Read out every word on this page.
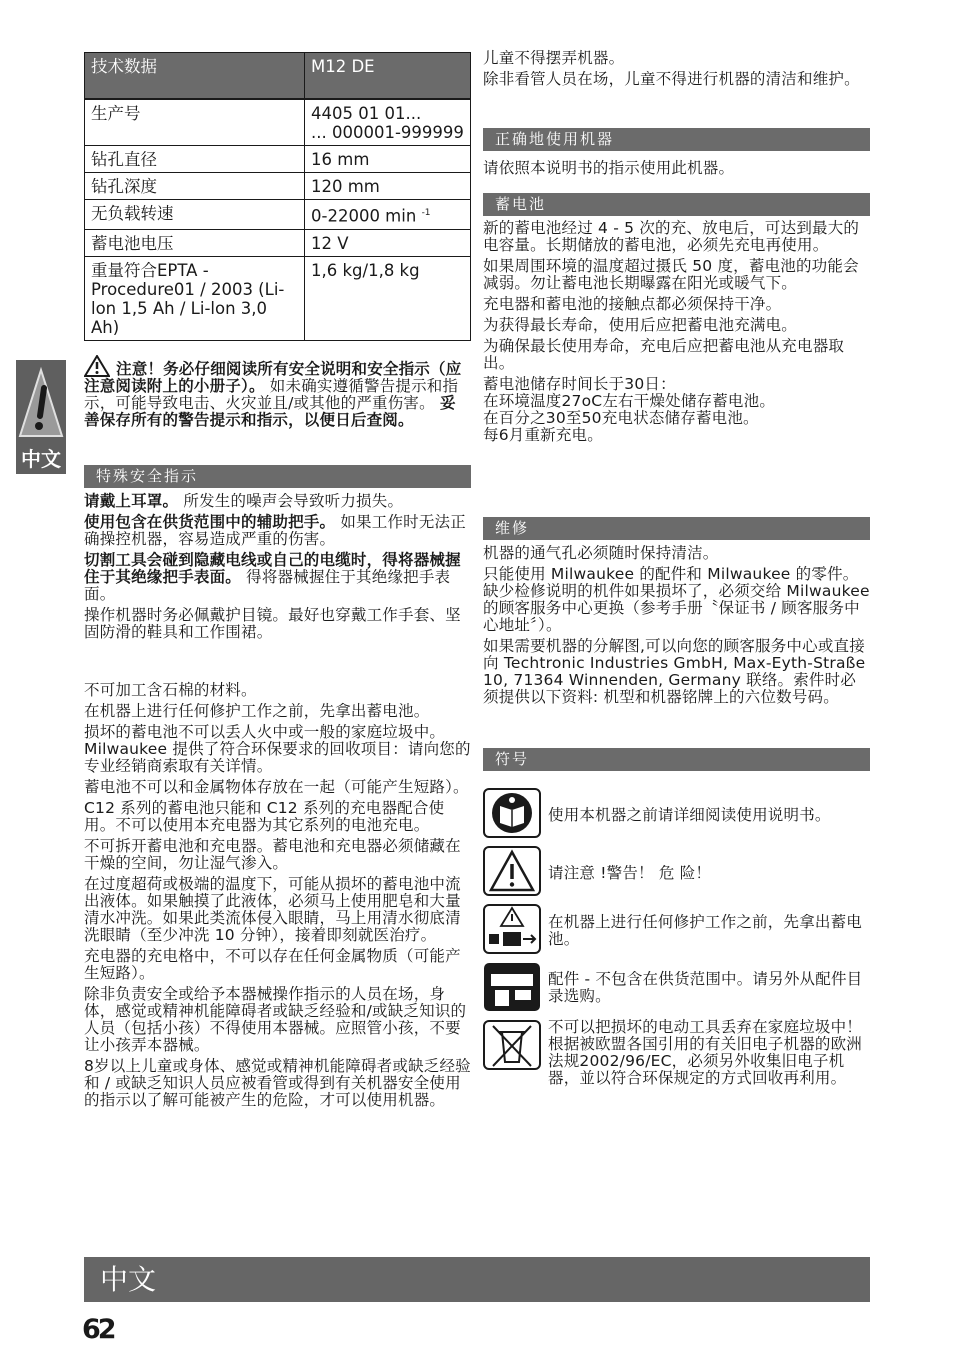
技术数据	M12 DE
生产号	4405 01 01...
... 000001-999999
钻孔直径	16 mm
钻孔深度	120 mm
无负载转速	0-22000 min $^{-1}$
蓄电池电压	12 V
重量符合EPTA - Procedure01 / 2003 (Li-lon 1,5 Ah / Li-lon 3,0 Ah)	1,6 kg/1,8 kg
中文
注意！务必仔细阅读所有安全说明和安全指示（应注意阅读附上的小册子）。 如未确实遵循警告提示和指示，可能导致电击、火灾並且/或其他的严重伤害。 妥善保存所有的警告提示和指示，以便日后查阅。
特殊安全指示

请戴上耳罩。 所发生的噪声会导致听力损失。

使用包含在供货范围中的辅助把手。 如果工作时无法正确操控机器，容易造成严重的伤害。

切割工具会碰到隐藏电线或自己的电缆时，得将器械握住于其绝缘把手表面。 得将器械握住于其绝缘把手表面。

操作机器时务必佩戴护目镜。最好也穿戴工作手套、坚固防滑的鞋具和工作围裙。

不可加工含石棉的材料。

在机器上进行任何修护工作之前，先拿出蓄电池。

损坏的蓄电池不可以丢人火中或一般的家庭垃圾中。Milwaukee 提供了符合环保要求的回收项目：请向您的专业经销商索取有关详情。

蓄电池不可以和金属物体存放在一起（可能产生短路）。

C12 系列的蓄电池只能和 C12 系列的充电器配合使用。不可以使用本充电器为其它系列的电池充电。

不可拆开蓄电池和充电器。蓄电池和充电器必须储藏在干燥的空间，勿让湿气渗入。

在过度超荷或极端的温度下，可能从损坏的蓄电池中流出液体。如果触摸了此液体，必须马上使用肥皂和大量清水冲洗。如果此类流体侵入眼睛，马上用清水彻底清洗眼睛（至少冲洗 10 分钟），接着即刻就医治疗。

充电器的充电格中，不可以存在任何金属物质（可能产生短路）。

除非负责安全或给予本器械操作指示的人员在场，身体，感觉或精神机能障碍者或缺乏经验和/或缺乏知识的人员（包括小孩）不得使用本器械。应照管小孩，不要让小孩弄本器械。

8岁以上儿童或身体、感觉或精神机能障碍者或缺乏经验和 / 或缺乏知识人员应被看管或得到有关机器安全使用的指示以了解可能被产生的危险，才可以使用机器。

儿童不得摆弄机器。

除非看管人员在场，儿童不得进行机器的清洁和维护。

正确地使用机器

请依照本说明书的指示使用此机器。

蓄电池

新的蓄电池经过 4 - 5 次的充、放电后，可达到最大的电容量。长期储放的蓄电池，必须先充电再使用。

如果周围环境的温度超过摄氏 50 度，蓄电池的功能会减弱。勿让蓄电池长期曝露在阳光或暖气下。

充电器和蓄电池的接触点都必须保持干净。

为获得最长寿命，使用后应把蓄电池充满电。

为确保最长使用寿命，充电后应把蓄电池从充电器取出。

蓄电池储存时间长于30日：

在环境温度27oC左右干燥处储存蓄电池。

在百分之30至50充电状态储存蓄电池。

每6月重新充电。

维修

机器的通气孔必须随时保持清洁。

只能使用 Milwaukee 的配件和 Milwaukee 的零件。缺少检修说明的机件如果损坏了，必须交给 Milwaukee 的顾客服务中心更换（参考手册〝保证书 / 顾客服务中心地址〞）。

如果需要机器的分解图,可以向您的顾客服务中心或直接向 Techtronic Industries GmbH, Max-Eyth-Straße 10, 71364 Winnenden, Germany 联络。索件时必须提供以下资料: 机型和机器铭牌上的六位数号码。

符号

使用本机器之前请详细阅读使用说明书。

请注意 !警告！ 危 险！

在机器上进行任何修护工作之前，先拿出蓄电池。

配件 - 不包含在供货范围中。请另外从配件目录选购。

不可以把损坏的电动工具丢弃在家庭垃圾中！根据被欧盟各国引用的有关旧电子机器的欧洲法规2002/96/EC，必须另外收集旧电子机器，並以符合环保规定的方式回收再利用。

中文
62
